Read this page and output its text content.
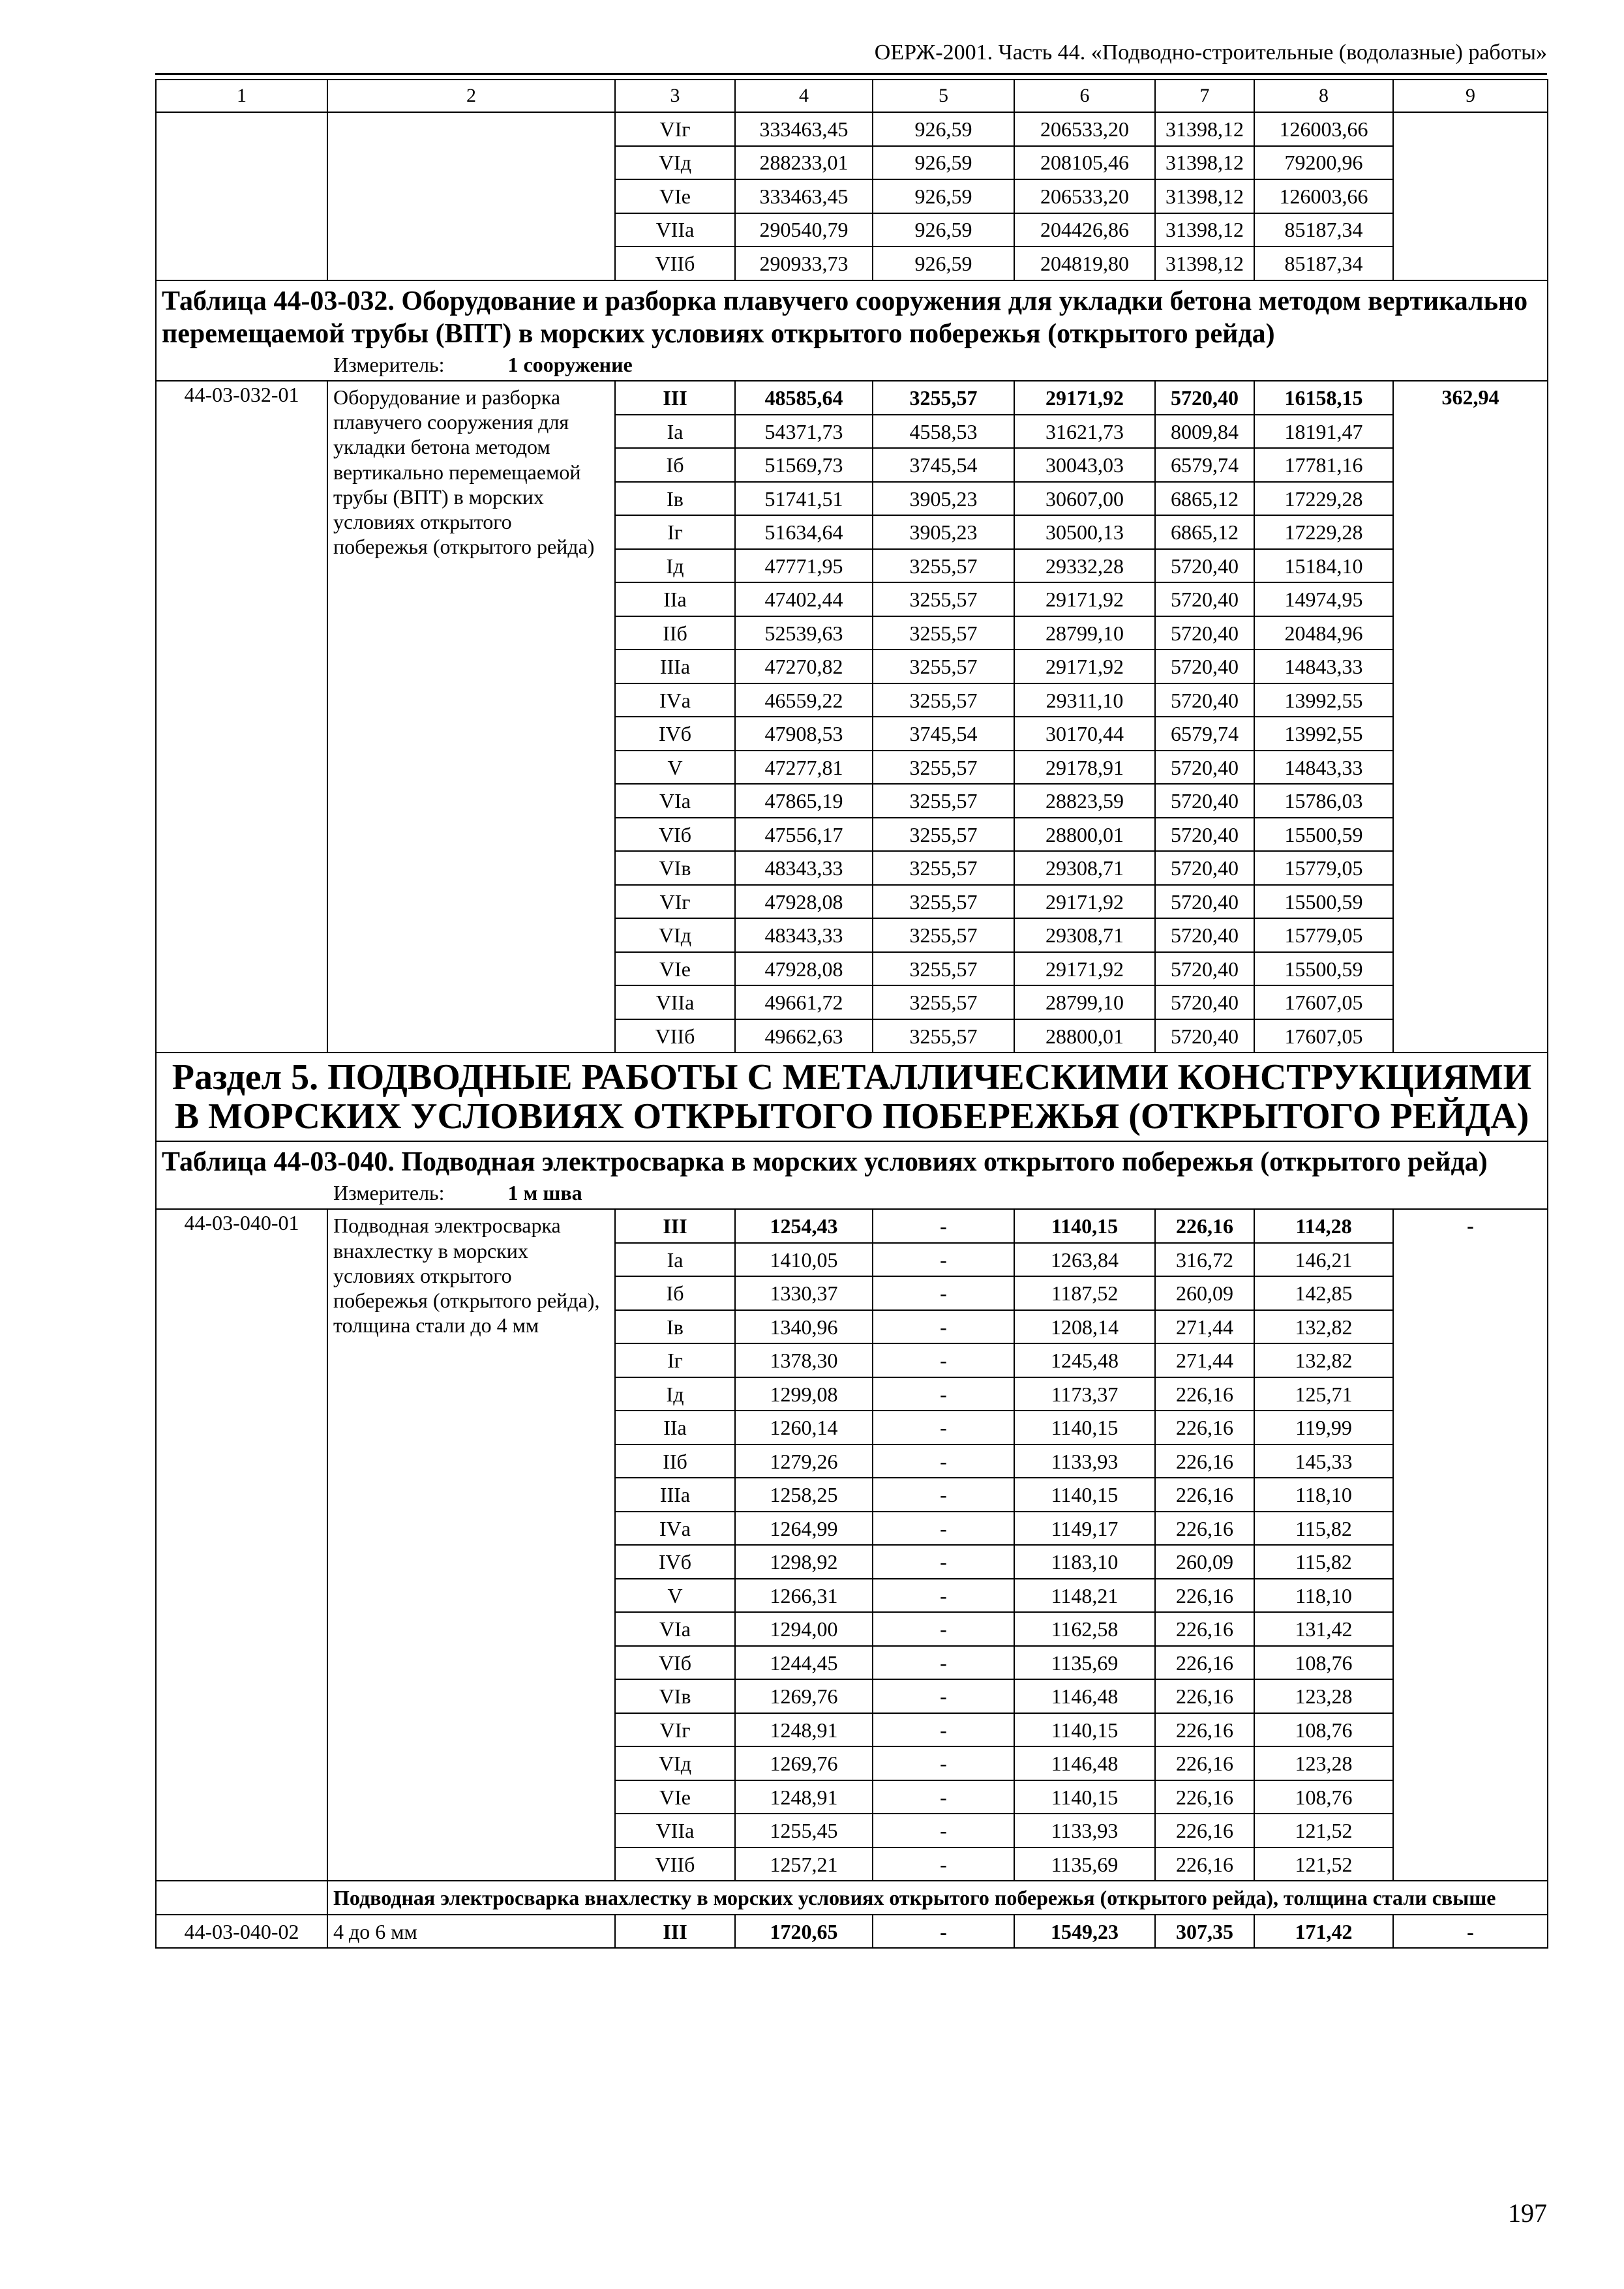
ОЕРЖ-2001. Часть 44. «Подводно-строительные (водолазные) работы»
1	2	3	4	5	6	7	8	9
		VIг	333463,45	926,59	206533,20	31398,12	126003,66	
		VIд	288233,01	926,59	208105,46	31398,12	79200,96	
		VIе	333463,45	926,59	206533,20	31398,12	126003,66	
		VIIа	290540,79	926,59	204426,86	31398,12	85187,34	
		VIIб	290933,73	926,59	204819,80	31398,12	85187,34	
Таблица 44-03-032. Оборудование и разборка плавучего сооружения для укладки бетона методом вертикально перемещаемой трубы (ВПТ) в морских условиях открытого побережья (открытого рейда)
Измеритель: 1 сооружение								

44-03-032-01	Оборудование и разборка плавучего сооружения для укладки бетона методом вертикально перемещаемой трубы (ВПТ) в морских условиях открытого побережья (открытого рейда)	III	48585,64	3255,57	29171,92	5720,40	16158,15	362,94

		Iа	54371,73	4558,53	31621,73	8009,84	18191,47	
		Iб	51569,73	3745,54	30043,03	6579,74	17781,16	
		Iв	51741,51	3905,23	30607,00	6865,12	17229,28	
		Iг	51634,64	3905,23	30500,13	6865,12	17229,28	
		Iд	47771,95	3255,57	29332,28	5720,40	15184,10	
		IIа	47402,44	3255,57	29171,92	5720,40	14974,95	
		IIб	52539,63	3255,57	28799,10	5720,40	20484,96	
		IIIа	47270,82	3255,57	29171,92	5720,40	14843,33	
		IVа	46559,22	3255,57	29311,10	5720,40	13992,55	
		IVб	47908,53	3745,54	30170,44	6579,74	13992,55	
		V	47277,81	3255,57	29178,91	5720,40	14843,33	
		VIа	47865,19	3255,57	28823,59	5720,40	15786,03	
		VIб	47556,17	3255,57	28800,01	5720,40	15500,59	
		VIв	48343,33	3255,57	29308,71	5720,40	15779,05	
		VIг	47928,08	3255,57	29171,92	5720,40	15500,59	
		VIд	48343,33	3255,57	29308,71	5720,40	15779,05	
		VIе	47928,08	3255,57	29171,92	5720,40	15500,59	
		VIIа	49661,72	3255,57	28799,10	5720,40	17607,05	
		VIIб	49662,63	3255,57	28800,01	5720,40	17607,05	
Раздел 5. ПОДВОДНЫЕ РАБОТЫ С МЕТАЛЛИЧЕСКИМИ КОНСТРУКЦИЯМИ В МОРСКИХ УСЛОВИЯХ ОТКРЫТОГО ПОБЕРЕЖЬЯ (ОТКРЫТОГО РЕЙДА)								
Таблица 44-03-040. Подводная электросварка в морских условиях открытого побережья (открытого рейда)
Измеритель: 1 м шва								

44-03-040-01	Подводная электросварка внахлестку в морских условиях открытого побережья (открытого рейда), толщина стали до 4 мм	III	1254,43	-	1140,15	226,16	114,28	-

		Iа	1410,05	-	1263,84	316,72	146,21	
		Iб	1330,37	-	1187,52	260,09	142,85	
		Iв	1340,96	-	1208,14	271,44	132,82	
		Iг	1378,30	-	1245,48	271,44	132,82	
		Iд	1299,08	-	1173,37	226,16	125,71	
		IIа	1260,14	-	1140,15	226,16	119,99	
		IIб	1279,26	-	1133,93	226,16	145,33	
		IIIа	1258,25	-	1140,15	226,16	118,10	
		IVа	1264,99	-	1149,17	226,16	115,82	
		IVб	1298,92	-	1183,10	260,09	115,82	
		V	1266,31	-	1148,21	226,16	118,10	
		VIа	1294,00	-	1162,58	226,16	131,42	
		VIб	1244,45	-	1135,69	226,16	108,76	
		VIв	1269,76	-	1146,48	226,16	123,28	
		VIг	1248,91	-	1140,15	226,16	108,76	
		VIд	1269,76	-	1146,48	226,16	123,28	
		VIе	1248,91	-	1140,15	226,16	108,76	
		VIIа	1255,45	-	1133,93	226,16	121,52	
		VIIб	1257,21	-	1135,69	226,16	121,52	
	Подводная электросварка внахлестку в морских условиях открытого побережья (открытого рейда), толщина стали свыше							
44-03-040-02	4 до 6 мм	III	1720,65	-	1549,23	307,35	171,42	-
197
